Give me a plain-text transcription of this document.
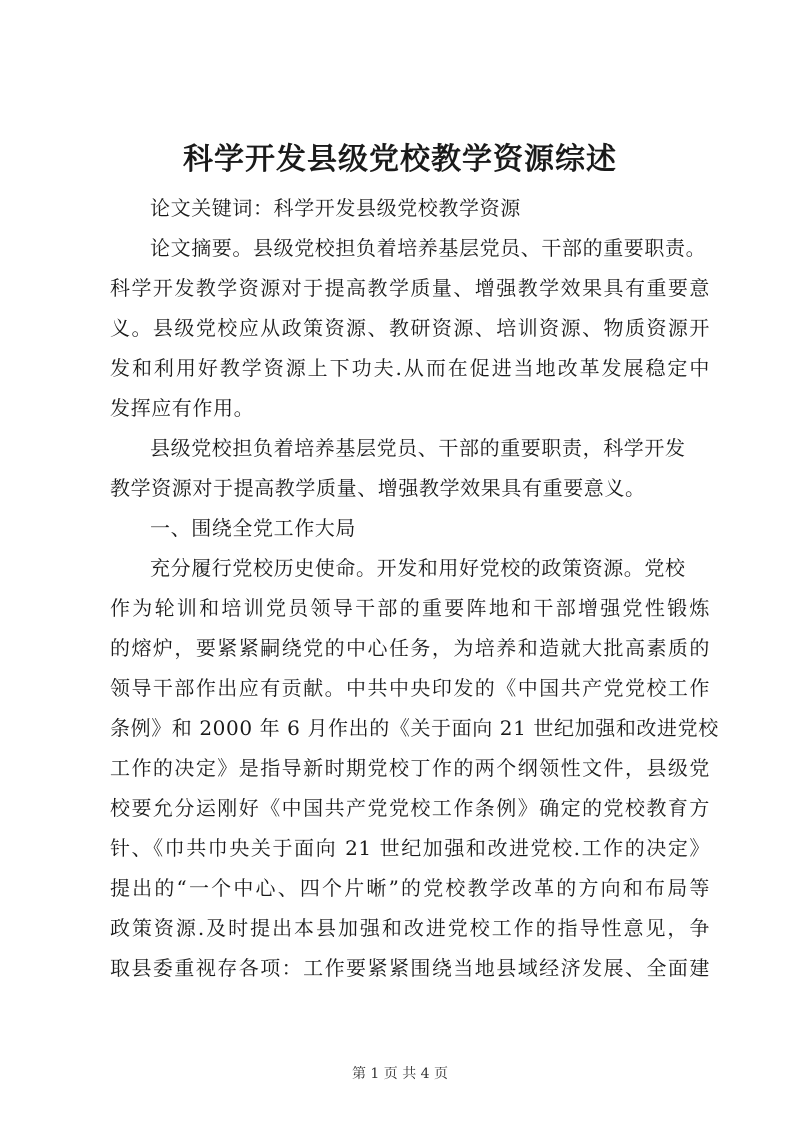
科学开发县级党校教学资源综述
论文关键词：科学开发县级党校教学资源
论文摘要。县级党校担负着培养基层党员、干部的重要职责。
科学开发教学资源对于提高教学质量、增强教学效果具有重要意
义。县级党校应从政策资源、教研资源、培训资源、物质资源开
发和利用好教学资源上下功夫.从而在促进当地改革发展稳定中
发挥应有作用。
县级党校担负着培养基层党员、干部的重要职责，科学开发
教学资源对于提高教学质量、增强教学效果具有重要意义。
一、围绕全党工作大局
充分履行党校历史使命。开发和用好党校的政策资源。党校
作为轮训和培训党员领导干部的重要阵地和干部增强党性锻炼
的熔炉，要紧紧嗣绕党的中心任务，为培养和造就大批高素质的
领导干部作出应有贡献。中共中央印发的《中国共产党党校工作
条例》和 2000 年 6 月作出的《关于面向 21 世纪加强和改进党校
工作的决定》是指导新时期党校丁作的两个纲领性文件，县级党
校要允分运刚好《中国共产党党校工作条例》确定的党校教育方
针、《巾共巾央关于面向 21 世纪加强和改进党校.工作的决定》
提出的“一个中心、四个片晰”的党校教学改革的方向和布局等
政策资源.及时提出本县加强和改进党校工作的指导性意见，争
取县委重视存各项：工作要紧紧围绕当地县域经济发展、全面建
第 1 页 共 4 页
